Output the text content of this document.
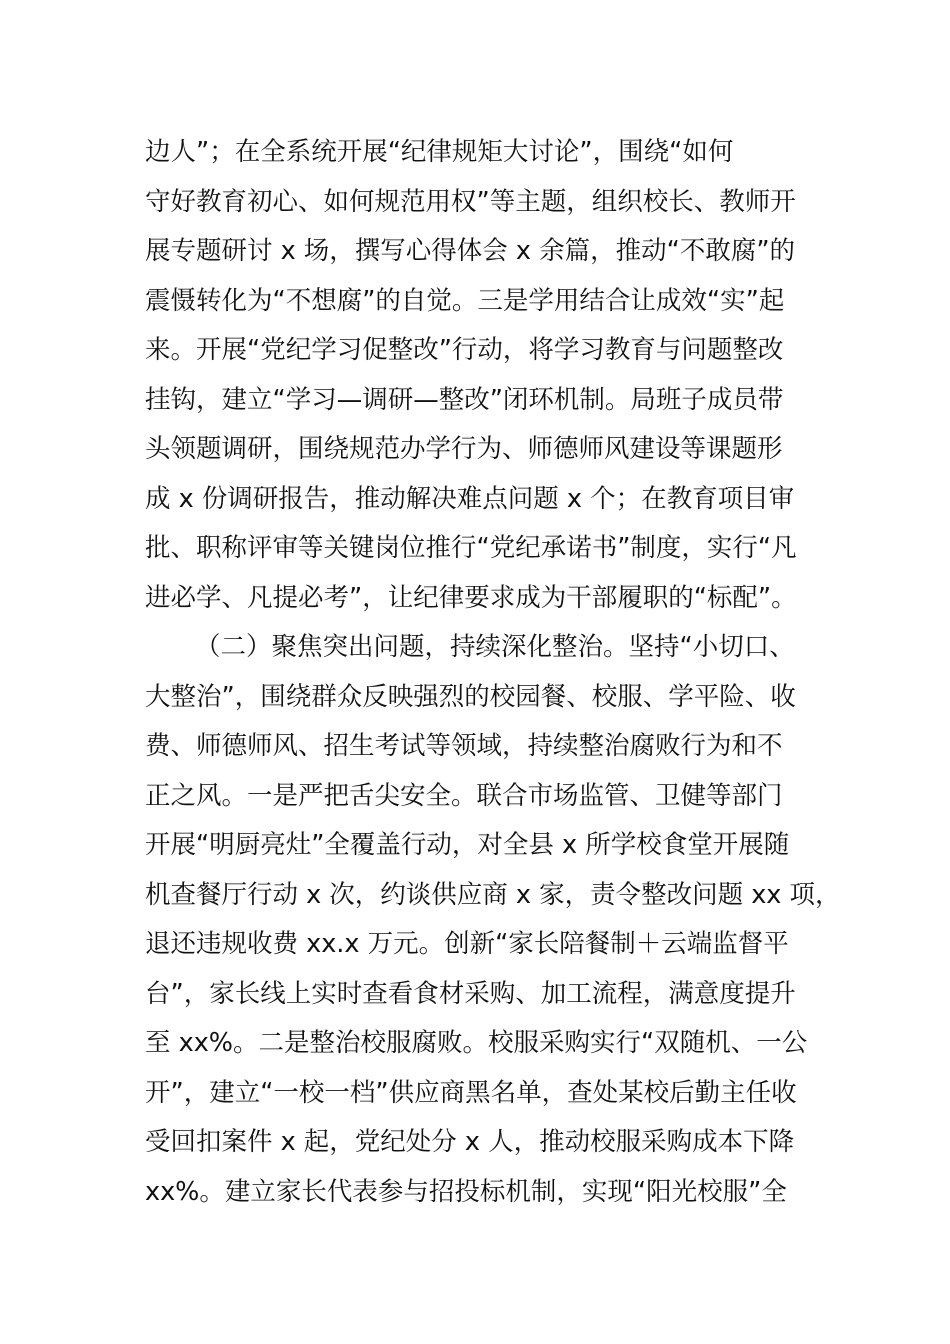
边人”；在全系统开展“纪律规矩大讨论”，围绕“如何
守好教育初心、如何规范用权”等主题，组织校长、教师开
展专题研讨 x 场，撰写心得体会 x 余篇，推动“不敢腐”的
震慑转化为“不想腐”的自觉。三是学用结合让成效“实”起
来。开展“党纪学习促整改”行动，将学习教育与问题整改
挂钩，建立“学习—调研—整改”闭环机制。局班子成员带
头领题调研，围绕规范办学行为、师德师风建设等课题形
成 x 份调研报告，推动解决难点问题 x 个；在教育项目审
批、职称评审等关键岗位推行“党纪承诺书”制度，实行“凡
进必学、凡提必考”，让纪律要求成为干部履职的“标配”。
（二）聚焦突出问题，持续深化整治。坚持“小切口、
大整治”，围绕群众反映强烈的校园餐、校服、学平险、收
费、师德师风、招生考试等领域，持续整治腐败行为和不
正之风。一是严把舌尖安全。联合市场监管、卫健等部门
开展“明厨亮灶”全覆盖行动，对全县 x 所学校食堂开展随
机查餐厅行动 x 次，约谈供应商 x 家，责令整改问题 xx 项，
退还违规收费 xx.x 万元。创新“家长陪餐制＋云端监督平
台”，家长线上实时查看食材采购、加工流程，满意度提升
至 xx%。二是整治校服腐败。校服采购实行“双随机、一公
开”，建立“一校一档”供应商黑名单，查处某校后勤主任收
受回扣案件 x 起，党纪处分 x 人，推动校服采购成本下降
xx%。建立家长代表参与招投标机制，实现“阳光校服”全
